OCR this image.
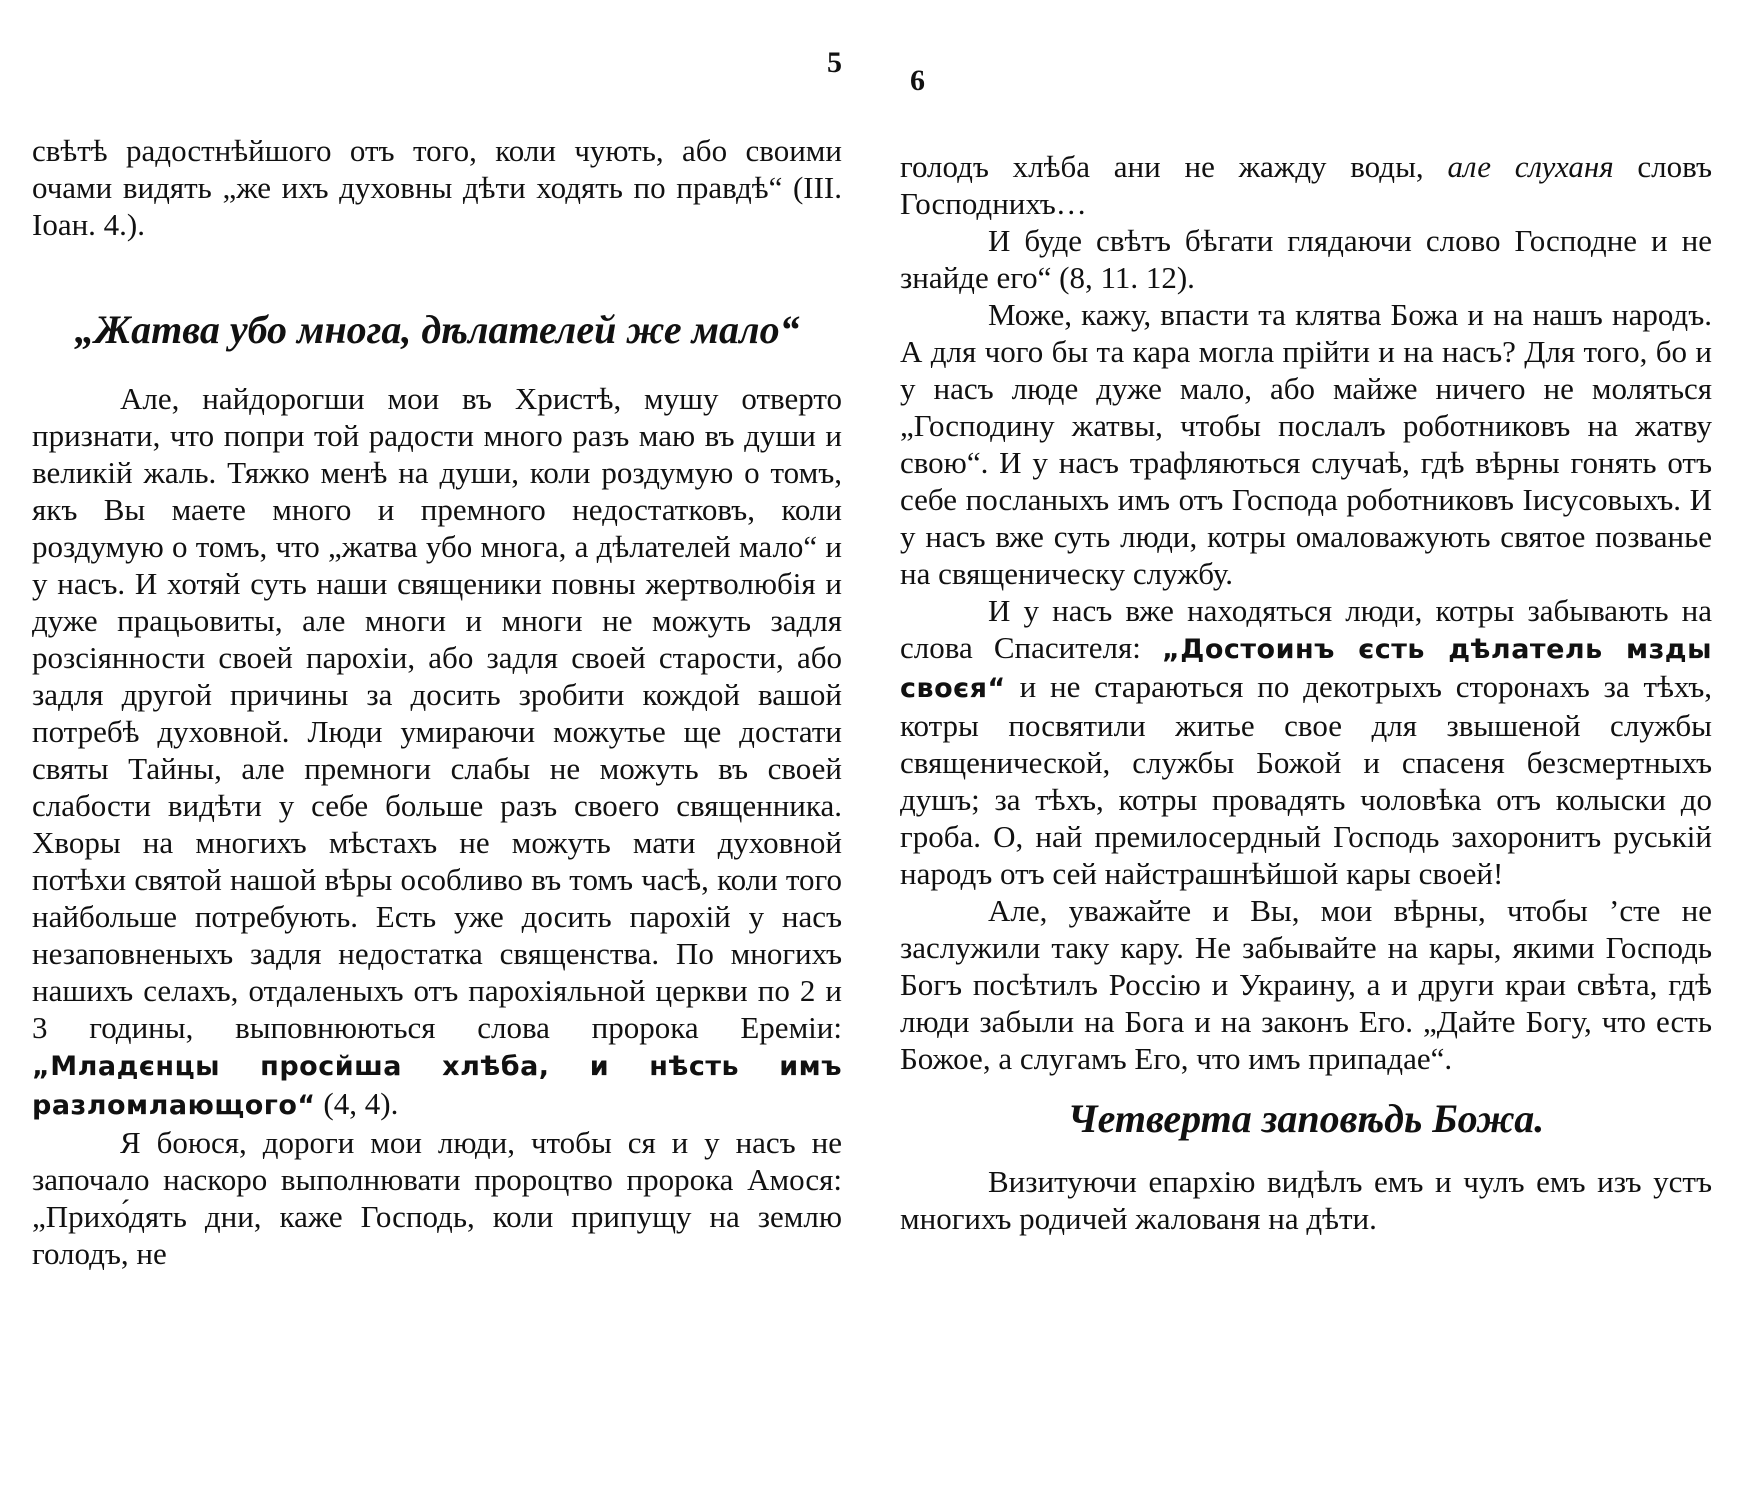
5

свѣтѣ радостнѣйшого отъ того, коли чують, або своими очами видять „же ихъ духовны дѣти ходять по правдѣ“ (ІІІ. Іоан. 4.).

„Жатва убо многа, дѣлателей же мало“

Але, найдорогши мои въ Христѣ, мушу отверто признати, что попри той радости много разъ маю въ души и великій жаль. Тяжко менѣ на души, коли роздумую о томъ, якъ Вы маете много и премного недостатковъ, коли роздумую о томъ, что „жатва убо многа, а дѣлателей мало“ и у насъ. И хотяй суть наши священики повны жертволюбія и дуже працьовиты, але многи и многи не можуть задля розсіянности своей парохіи, або задля своей старости, або задля другой причины за досить зробити кождой вашой потребѣ духовной. Люди умираючи можутье ще достати святы Тайны, але премноги слабы не можуть въ своей слабости видѣти у себе больше разъ своего священника. Хворы на многихъ мѣстахъ не можуть мати духовной потѣхи святой нашой вѣры особливо въ томъ часѣ, коли того найбольше потребують. Есть уже досить парохій у насъ незаповненыхъ задля недостатка священства. По многихъ нашихъ селахъ, отдаленыхъ отъ парохіяльной церкви по 2 и 3 годины, выповнюються слова пророка Ереміи: „Младєнцы просйша хлѣба, и нѣсть имъ разломлающого“ (4, 4).

Я боюся, дороги мои люди, чтобы ся и у насъ не започало наскоро выполнювати пророцтво пророка Амося: „Прихо́дять дни, каже Господь, коли припущу на землю голодъ, не

6

голодъ хлѣба ани не жажду воды, але слуханя словъ Господнихъ…

И буде свѣтъ бѣгати глядаючи слово Господне и не знайде его“ (8, 11. 12).

Може, кажу, впасти та клятва Божа и на нашъ народъ. А для чого бы та кара могла прійти и на насъ? Для того, бо и у насъ люде дуже мало, або майже ничего не моляться „Господину жатвы, чтобы послалъ роботниковъ на жатву свою“. И у насъ трафляються случаѣ, гдѣ вѣрны гонять отъ себе посланыхъ имъ отъ Господа роботниковъ Іисусовыхъ. И у насъ вже суть люди, котры омаловажують святое позванье на священическу службу.

И у насъ вже находяться люди, котры забывають на слова Спасителя: „Достоинъ єсть дѣлатель мзды своєя“ и не стараються по декотрыхъ сторонахъ за тѣхъ, котры посвятили житье свое для звышеной службы священической, службы Божой и спасеня безсмертныхъ душъ; за тѣхъ, котры провадять чоловѣка отъ колыски до гроба. О, най премилосердный Господь захоронитъ руській народъ отъ сей найстрашнѣйшой кары своей!

Але, уважайте и Вы, мои вѣрны, чтобы ’сте не заслужили таку кару. Не забывайте на кары, якими Господь Богъ посѣтилъ Россію и Украину, а и други краи свѣта, гдѣ люди забыли на Бога и на законъ Его. „Дайте Богу, что есть Божое, а слугамъ Его, что имъ припадае“.

Четверта заповѣдь Божа.

Визитуючи епархію видѣлъ емъ и чулъ емъ изъ устъ многихъ родичей жалованя на дѣти.
